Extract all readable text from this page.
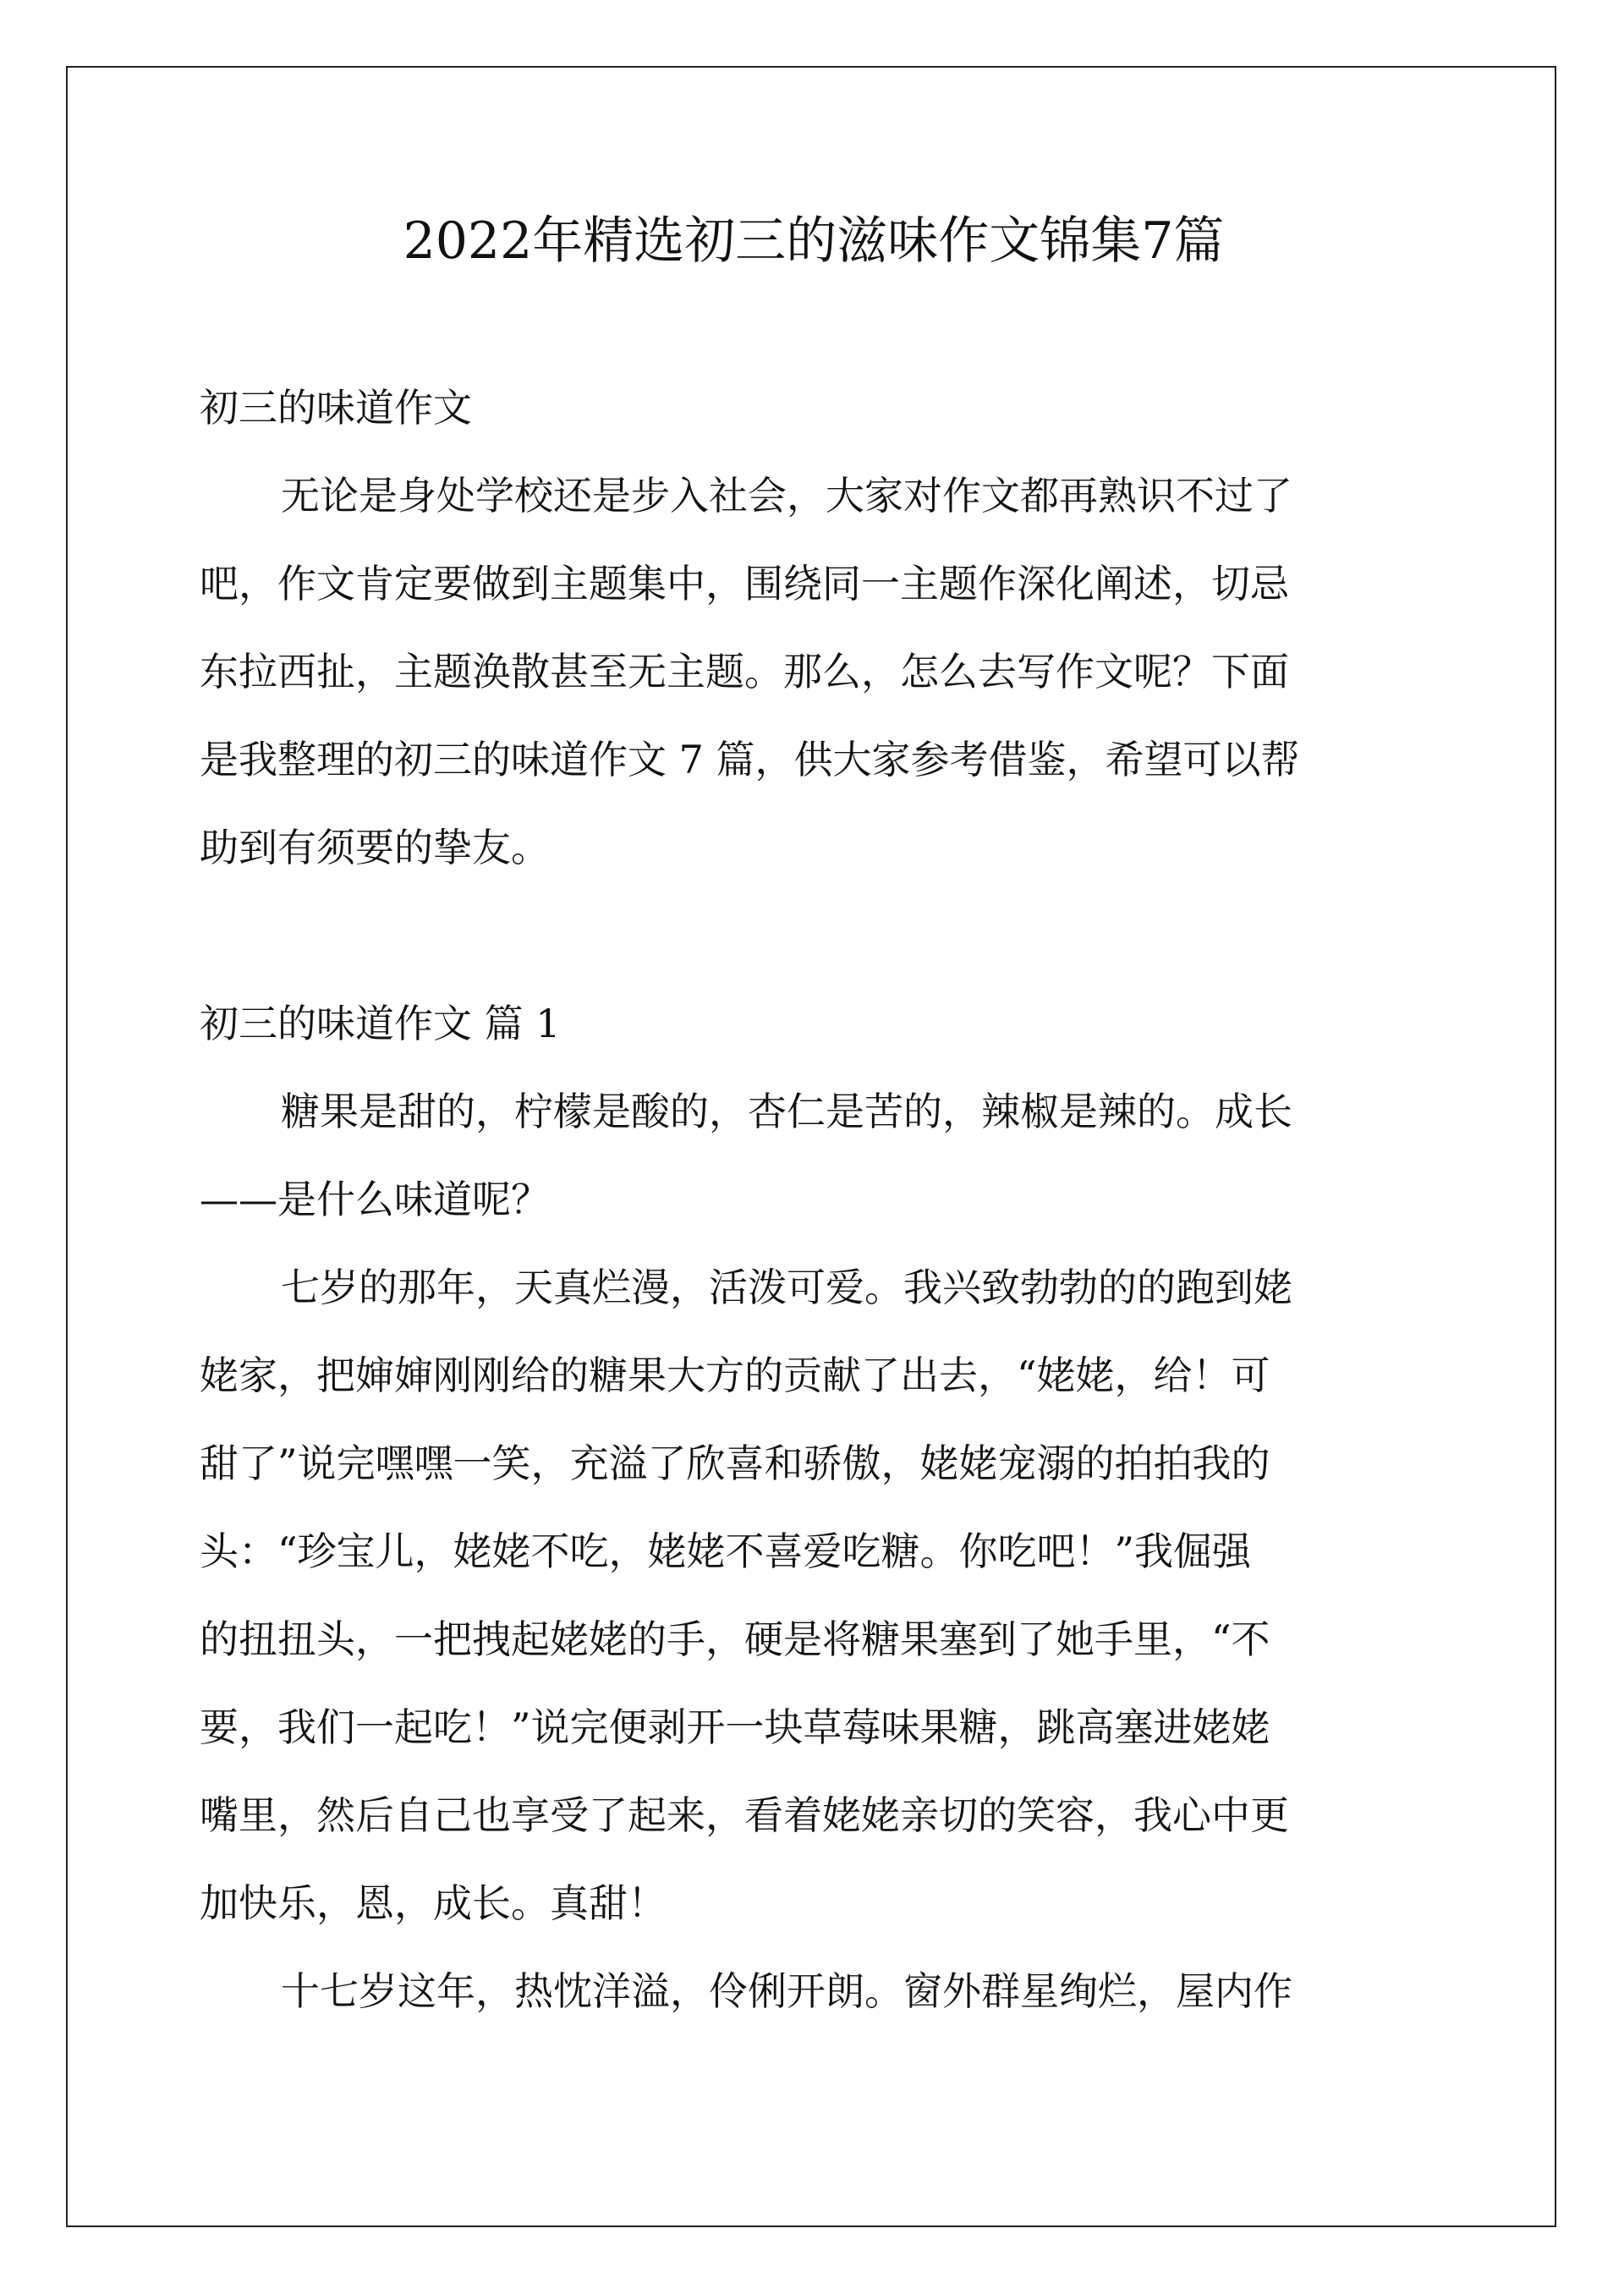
2022年精选初三的滋味作文锦集7篇
初三的味道作文

无论是身处学校还是步入社会，大家对作文都再熟识不过了
吧，作文肯定要做到主题集中，围绕同一主题作深化阐述，切忌
东拉西扯，主题涣散甚至无主题。那么，怎么去写作文呢？下面
是我整理的初三的味道作文 7 篇，供大家参考借鉴，希望可以帮
助到有须要的挚友。

初三的味道作文 篇 1

糖果是甜的，柠檬是酸的，杏仁是苦的，辣椒是辣的。成长
——是什么味道呢？

七岁的那年，天真烂漫，活泼可爱。我兴致勃勃的的跑到姥
姥家，把婶婶刚刚给的糖果大方的贡献了出去，“姥姥，给！可
甜了”说完嘿嘿一笑，充溢了欣喜和骄傲，姥姥宠溺的拍拍我的
头：“珍宝儿，姥姥不吃，姥姥不喜爱吃糖。你吃吧！”我倔强
的扭扭头，一把拽起姥姥的手，硬是将糖果塞到了她手里，“不
要，我们一起吃！”说完便剥开一块草莓味果糖，跳高塞进姥姥
嘴里，然后自己也享受了起来，看着姥姥亲切的笑容，我心中更
加快乐，恩，成长。真甜！

十七岁这年，热忱洋溢，伶俐开朗。窗外群星绚烂，屋内作
